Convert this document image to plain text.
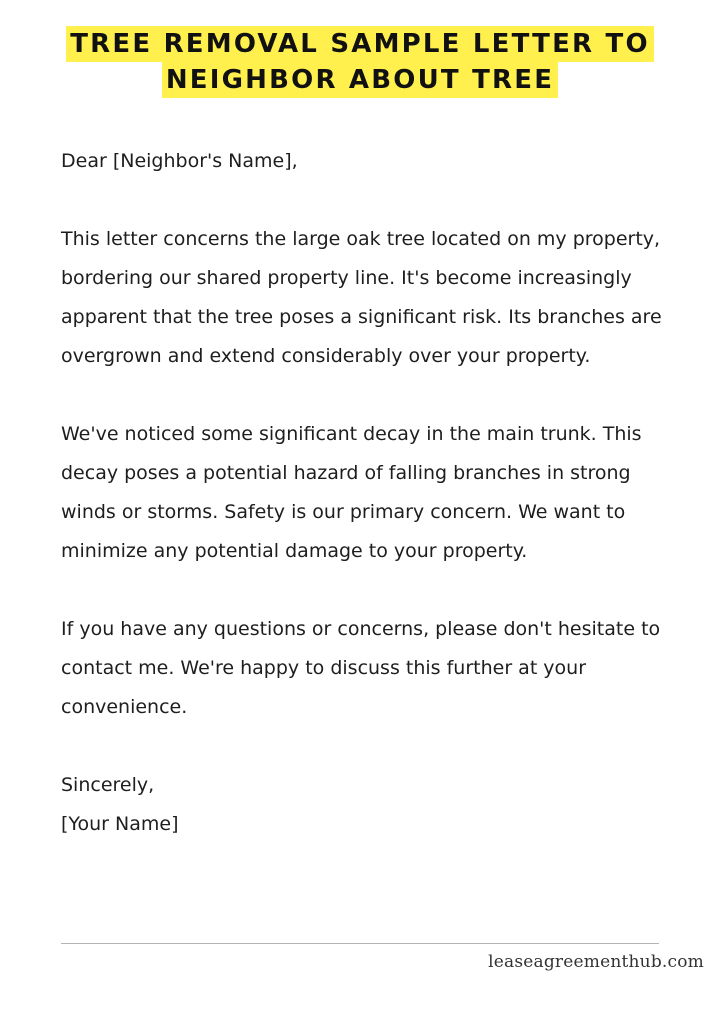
TREE REMOVAL SAMPLE LETTER TO
NEIGHBOR ABOUT TREE

Dear [Neighbor's Name],

This letter concerns the large oak tree located on my property, bordering our shared property line. It's become increasingly apparent that the tree poses a significant risk. Its branches are overgrown and extend considerably over your property.

We've noticed some significant decay in the main trunk. This decay poses a potential hazard of falling branches in strong winds or storms. Safety is our primary concern. We want to minimize any potential damage to your property.

If you have any questions or concerns, please don't hesitate to contact me. We're happy to discuss this further at your convenience.

Sincerely,

[Your Name]

leaseagreementhub.com
